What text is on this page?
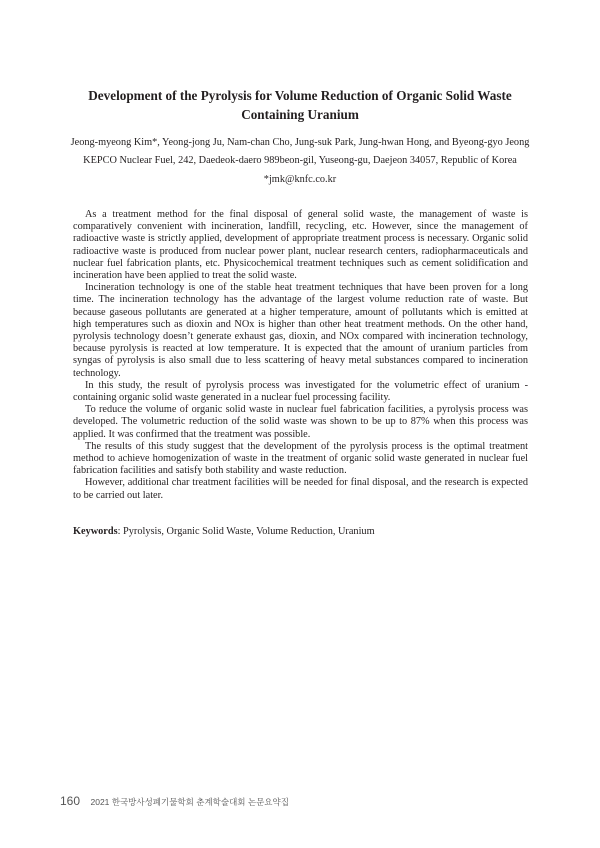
Development of the Pyrolysis for Volume Reduction of Organic Solid Waste
Containing Uranium
Jeong-myeong Kim*, Yeong-jong Ju, Nam-chan Cho, Jung-suk Park, Jung-hwan Hong, and Byeong-gyo Jeong
KEPCO Nuclear Fuel, 242, Daedeok-daero 989beon-gil, Yuseong-gu, Daejeon 34057, Republic of Korea
*jmk@knfc.co.kr

As a treatment method for the final disposal of general solid waste, the management of waste is comparatively convenient with incineration, landfill, recycling, etc. However, since the management of radioactive waste is strictly applied, development of appropriate treatment process is necessary. Organic solid radioactive waste is produced from nuclear power plant, nuclear research centers, radiopharmaceuticals and nuclear fuel fabrication plants, etc. Physicochemical treatment techniques such as cement solidification and incineration have been applied to treat the solid waste.

Incineration technology is one of the stable heat treatment techniques that have been proven for a long time. The incineration technology has the advantage of the largest volume reduction rate of waste. But because gaseous pollutants are generated at a higher temperature, amount of pollutants which is emitted at high temperatures such as dioxin and NOx is higher than other heat treatment methods. On the other hand, pyrolysis technology doesn’t generate exhaust gas, dioxin, and NOx compared with incineration technology, because pyrolysis is reacted at low temperature. It is expected that the amount of uranium particles from syngas of pyrolysis is also small due to less scattering of heavy metal substances compared to incineration technology.

In this study, the result of pyrolysis process was investigated for the volumetric effect of uranium - containing organic solid waste generated in a nuclear fuel processing facility.

To reduce the volume of organic solid waste in nuclear fuel fabrication facilities, a pyrolysis process was developed. The volumetric reduction of the solid waste was shown to be up to 87% when this process was applied. It was confirmed that the treatment was possible.

The results of this study suggest that the development of the pyrolysis process is the optimal treatment method to achieve homogenization of waste in the treatment of organic solid waste generated in nuclear fuel fabrication facilities and satisfy both stability and waste reduction.

However, additional char treatment facilities will be needed for final disposal, and the research is expected to be carried out later.

Keywords: Pyrolysis, Organic Solid Waste, Volume Reduction, Uranium
160 2021 한국방사성폐기물학회 춘계학술대회 논문요약집
